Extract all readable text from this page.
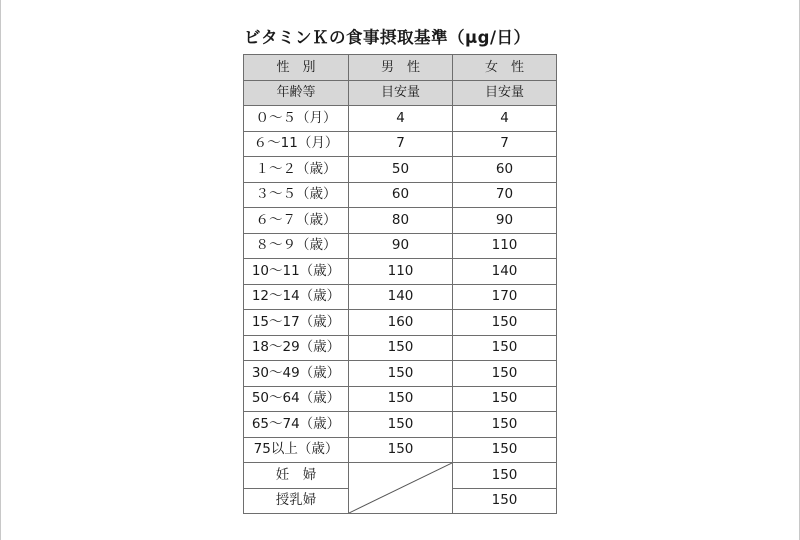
ビタミンＫの食事摂取基準（μg/日）
性　別	男　性	女　性
年齢等	目安量	目安量
０～５（月）	4	4
６～11（月）	7	7
１～２（歳）	50	60
３～５（歳）	60	70
６～７（歳）	80	90
８～９（歳）	90	110
10～11（歳）	110	140
12～14（歳）	140	170
15～17（歳）	160	150
18～29（歳）	150	150
30～49（歳）	150	150
50～64（歳）	150	150
65～74（歳）	150	150
75以上（歳）	150	150
妊　婦		150
授乳婦		150
